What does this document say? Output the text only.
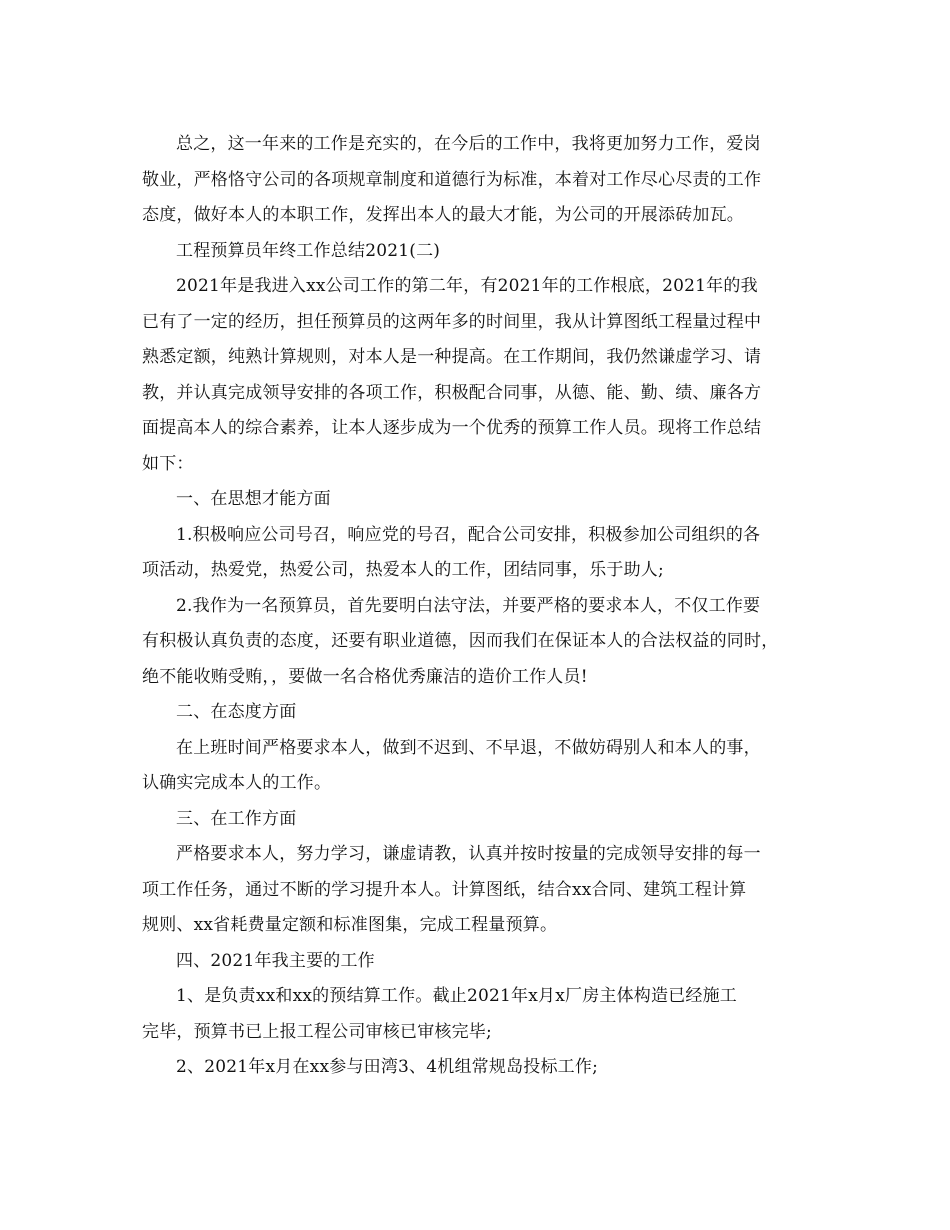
总之，这一年来的工作是充实的，在今后的工作中，我将更加努力工作，爱岗
敬业，严格恪守公司的各项规章制度和道德行为标准，本着对工作尽心尽责的工作
态度，做好本人的本职工作，发挥出本人的最大才能，为公司的开展添砖加瓦。
工程预算员年终工作总结2021(二)
2021年是我进入xx公司工作的第二年，有2021年的工作根底，2021年的我
已有了一定的经历，担任预算员的这两年多的时间里，我从计算图纸工程量过程中
熟悉定额，纯熟计算规则，对本人是一种提高。在工作期间，我仍然谦虚学习、请
教，并认真完成领导安排的各项工作，积极配合同事，从德、能、勤、绩、廉各方
面提高本人的综合素养，让本人逐步成为一个优秀的预算工作人员。现将工作总结
如下：
一、在思想才能方面
1.积极响应公司号召，响应党的号召，配合公司安排，积极参加公司组织的各
项活动，热爱党，热爱公司，热爱本人的工作，团结同事，乐于助人;
2.我作为一名预算员，首先要明白法守法，并要严格的要求本人，不仅工作要
有积极认真负责的态度，还要有职业道德，因而我们在保证本人的合法权益的同时，
绝不能收贿受贿，，要做一名合格优秀廉洁的造价工作人员!
二、在态度方面
在上班时间严格要求本人，做到不迟到、不早退，不做妨碍别人和本人的事，
认确实完成本人的工作。
三、在工作方面
严格要求本人，努力学习，谦虚请教，认真并按时按量的完成领导安排的每一
项工作任务，通过不断的学习提升本人。计算图纸，结合xx合同、建筑工程计算
规则、xx省耗费量定额和标准图集，完成工程量预算。
四、2021年我主要的工作
1、是负责xx和xx的预结算工作。截止2021年x月x厂房主体构造已经施工
完毕，预算书已上报工程公司审核已审核完毕;
2、2021年x月在xx参与田湾3、4机组常规岛投标工作;
